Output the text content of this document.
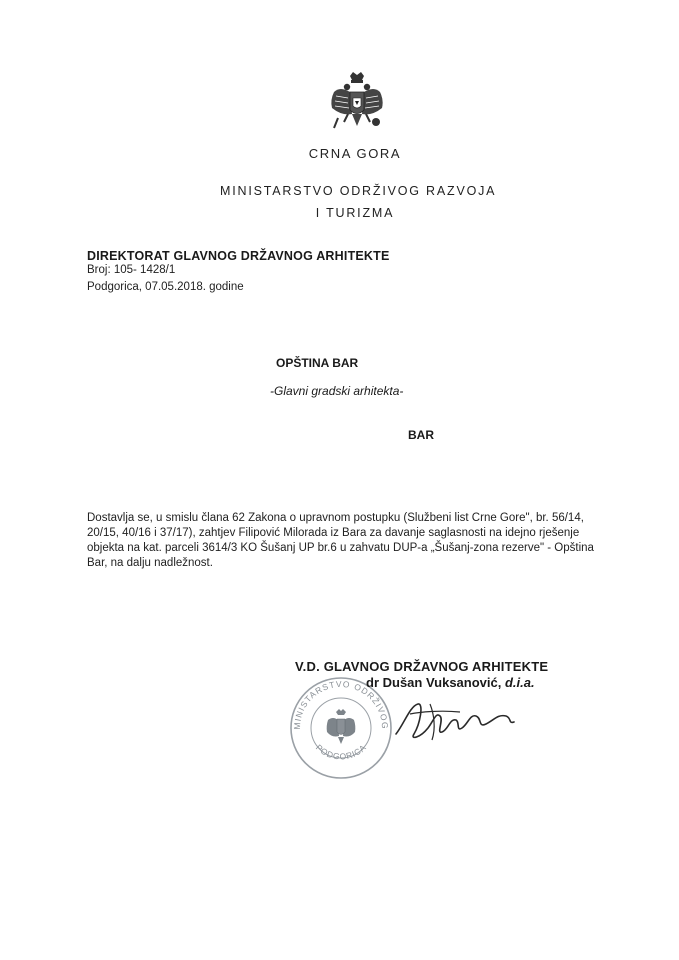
CRNA GORA
MINISTARSTVO ODRŽIVOG RAZVOJA
I TURIZMA
DIREKTORAT GLAVNOG DRŽAVNOG ARHITEKTE
Broj: 105- 1428/1
Podgorica, 07.05.2018. godine
OPŠTINA BAR
-Glavni gradski arhitekta-
BAR
Dostavlja se, u smislu člana 62 Zakona o upravnom postupku (Službeni list Crne Gore", br. 56/14,
20/15, 40/16 i 37/17), zahtjev Filipović Milorada iz Bara za davanje saglasnosti na idejno rješenje
objekta na kat. parceli 3614/3 KO Šušanj UP br.6 u zahvatu DUP-a „Šušanj-zona rezerve" - Opština
Bar, na dalju nadležnost.
MINISTARSTVO ODRŽIVOG
PODGORICA
V.D. GLAVNOG DRŽAVNOG ARHITEKTE
dr Dušan Vuksanović, d.i.a.
